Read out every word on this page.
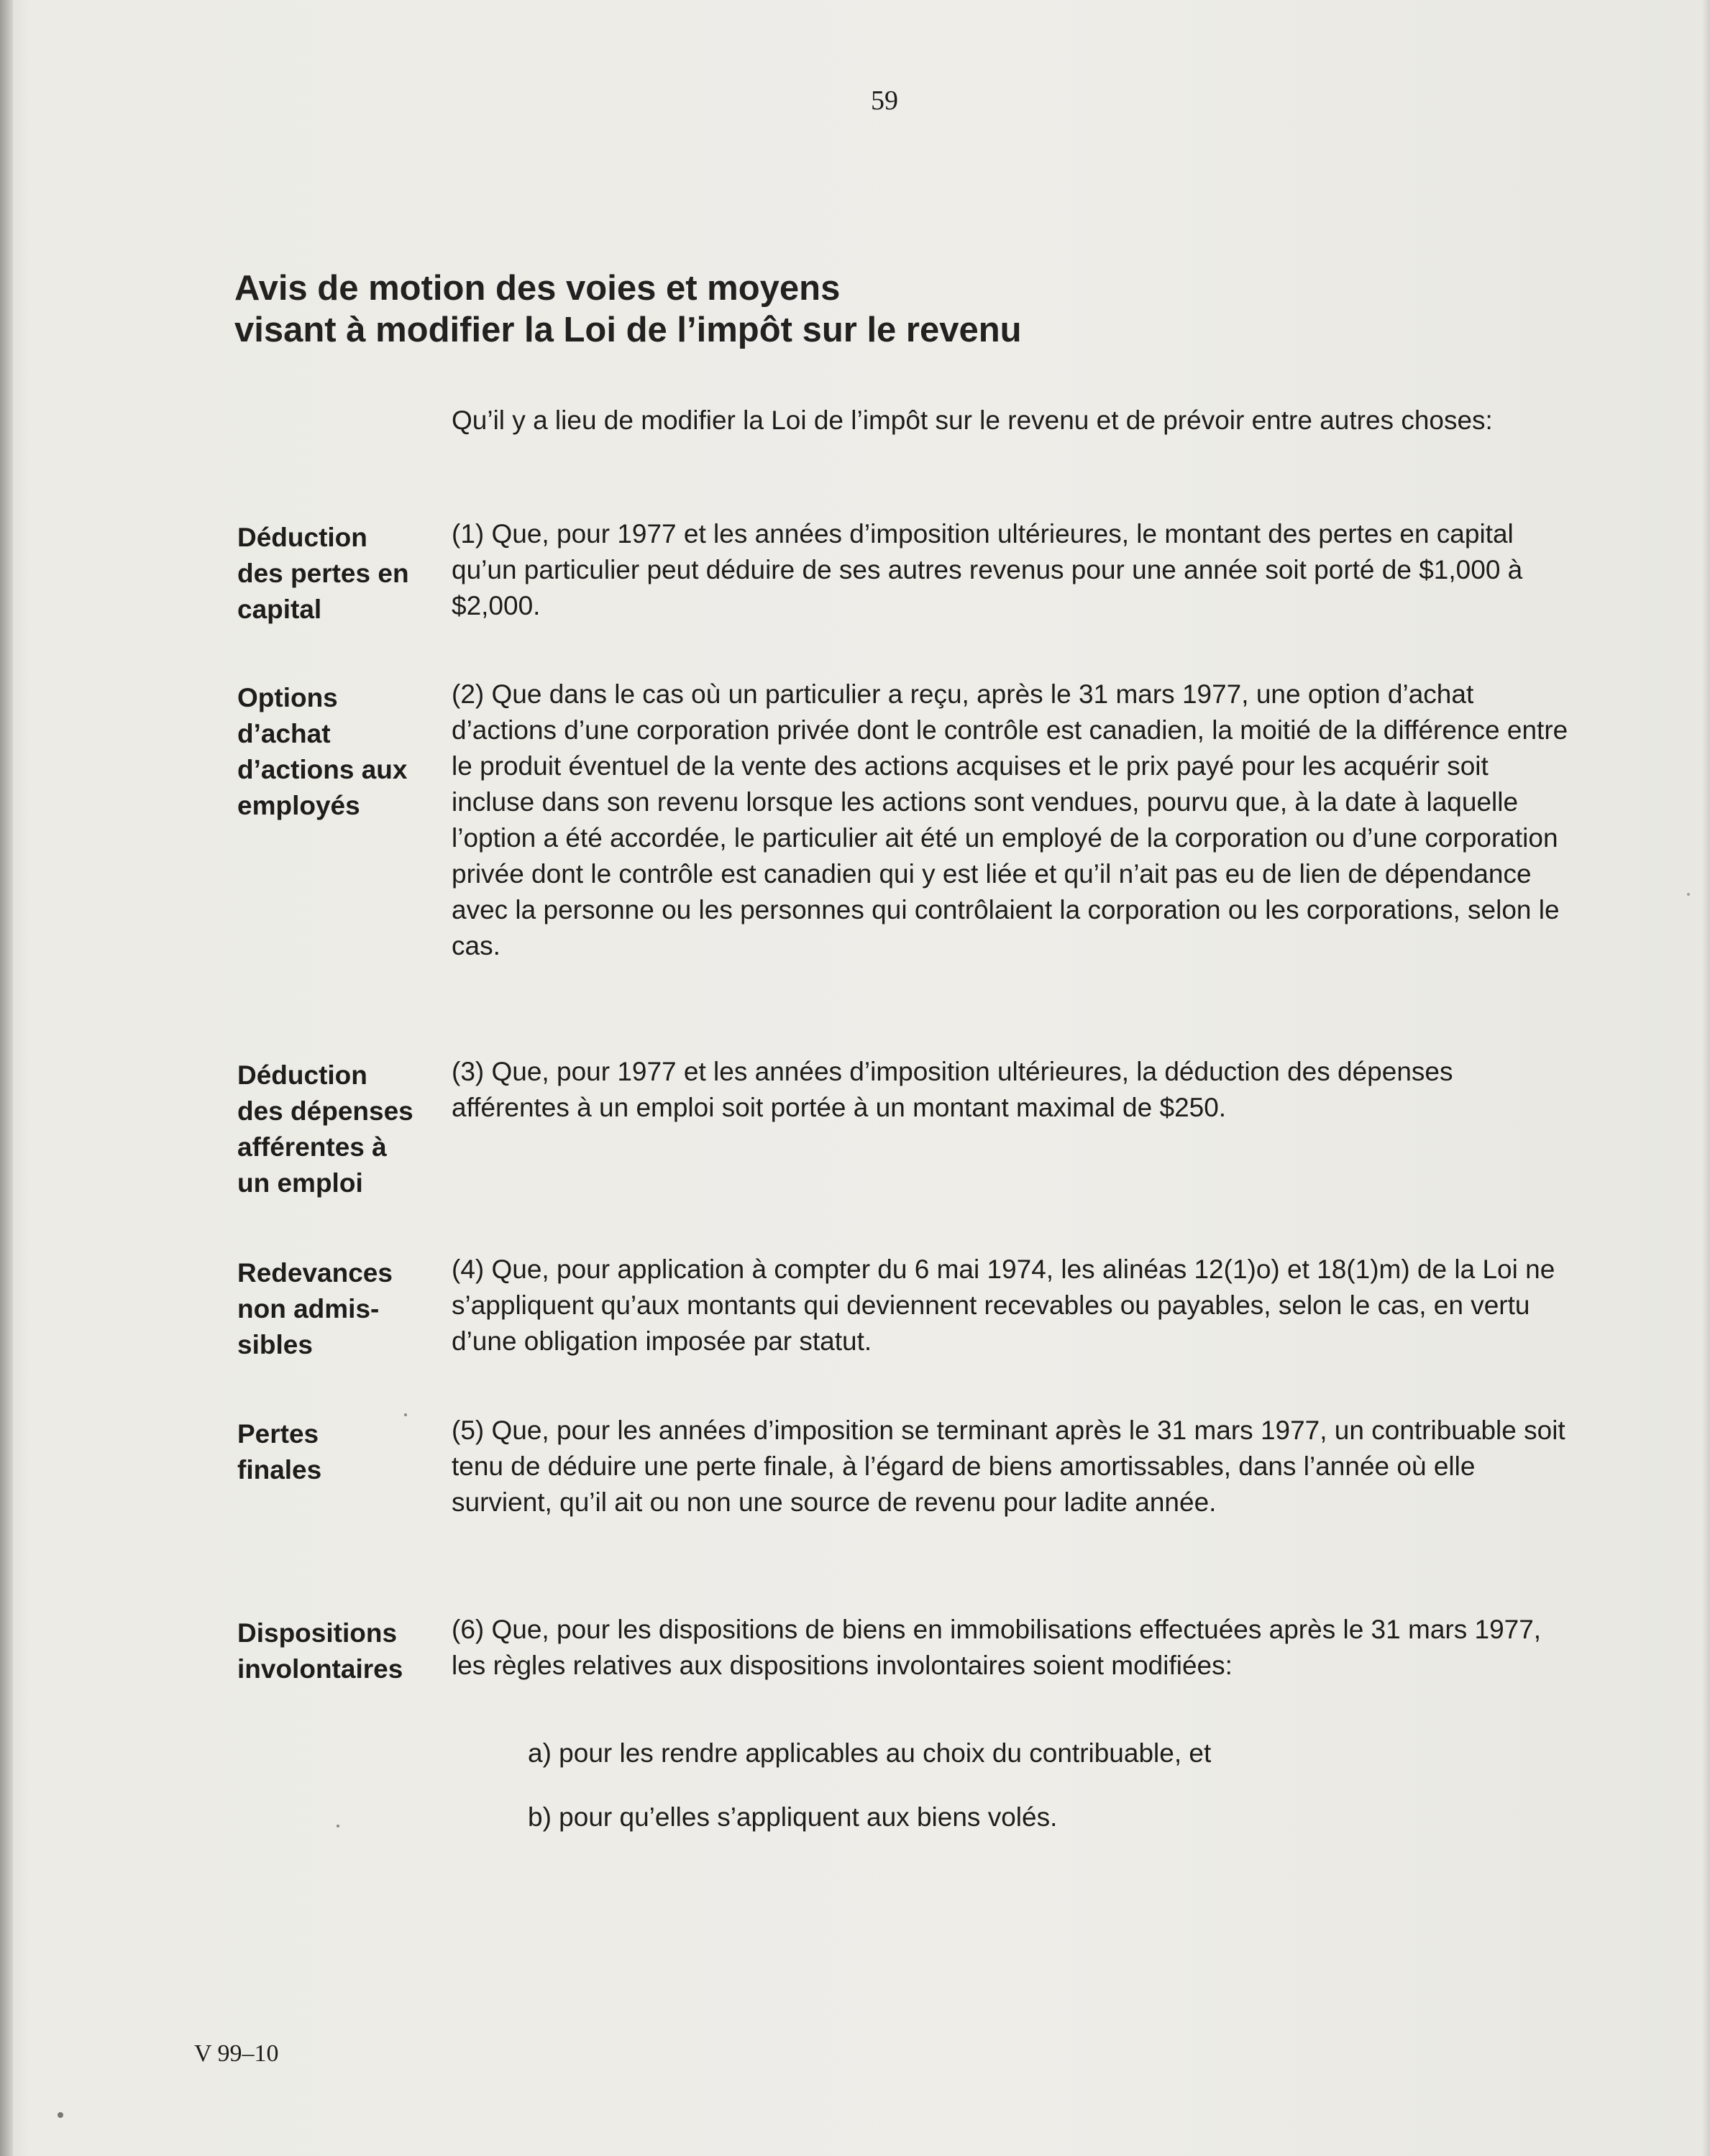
59
Avis de motion des voies et moyens
visant à modifier la Loi de l’impôt sur le revenu
Qu’il y a lieu de modifier la Loi de l’impôt sur le revenu et de prévoir entre autres choses:
Déduction
des pertes en
capital
(1) Que, pour 1977 et les années d’imposition ultérieures, le montant des pertes en capital qu’un particulier peut déduire de ses autres revenus pour une année soit porté de $1,000 à $2,000.
Options
d’achat
d’actions aux
employés
(2) Que dans le cas où un particulier a reçu, après le 31 mars 1977, une option d’achat d’actions d’une corporation privée dont le contrôle est canadien, la moitié de la différence entre le produit éventuel de la vente des actions acquises et le prix payé pour les acquérir soit incluse dans son revenu lorsque les actions sont vendues, pourvu que, à la date à laquelle l’option a été accordée, le particulier ait été un employé de la corporation ou d’une corporation privée dont le contrôle est canadien qui y est liée et qu’il n’ait pas eu de lien de dépendance avec la personne ou les personnes qui contrôlaient la corporation ou les corporations, selon le cas.
Déduction
des dépenses
afférentes à
un emploi
(3) Que, pour 1977 et les années d’imposition ultérieures, la déduction des dépenses afférentes à un emploi soit portée à un montant maximal de $250.
Redevances
non admis-
sibles
(4) Que, pour application à compter du 6 mai 1974, les alinéas 12(1)o) et 18(1)m) de la Loi ne s’appliquent qu’aux montants qui deviennent recevables ou payables, selon le cas, en vertu d’une obligation imposée par statut.
Pertes
finales
(5) Que, pour les années d’imposition se terminant après le 31 mars 1977, un contribuable soit tenu de déduire une perte finale, à l’égard de biens amortissables, dans l’année où elle survient, qu’il ait ou non une source de revenu pour ladite année.
Dispositions
involontaires
(6) Que, pour les dispositions de biens en immobilisations effectuées après le 31 mars 1977, les règles relatives aux dispositions involontaires soient modifiées:
a) pour les rendre applicables au choix du contribuable, et
b) pour qu’elles s’appliquent aux biens volés.
V 99–10
